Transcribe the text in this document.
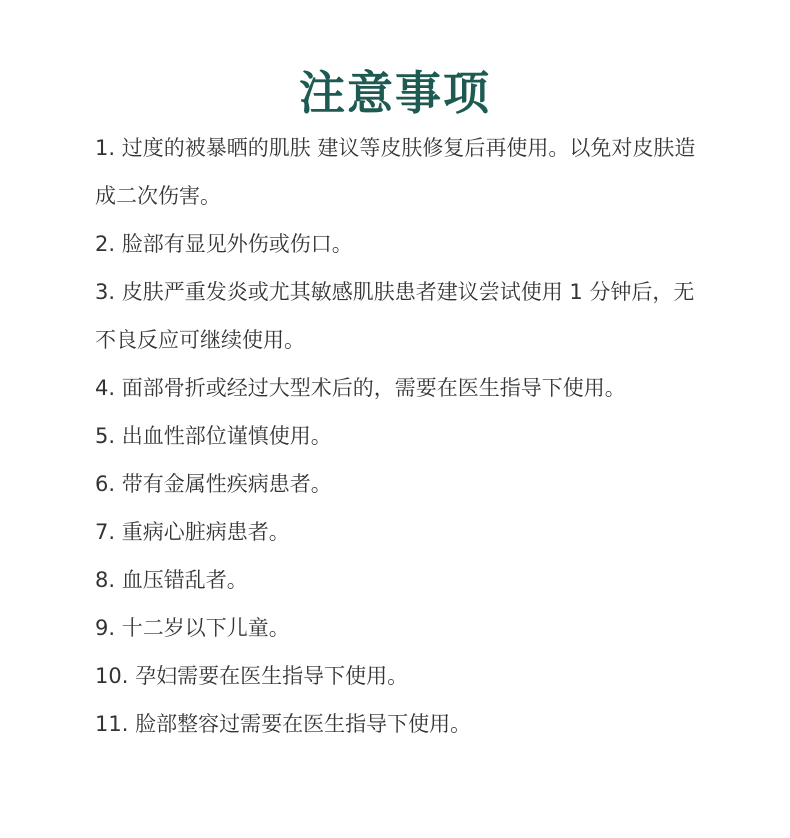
注意事项
1. 过度的被暴晒的肌肤 建议等皮肤修复后再使用。以免对皮肤造成二次伤害。
2. 脸部有显见外伤或伤口。
3. 皮肤严重发炎或尤其敏感肌肤患者建议尝试使用 1 分钟后，无不良反应可继续使用。
4. 面部骨折或经过大型术后的，需要在医生指导下使用。
5. 出血性部位谨慎使用。
6. 带有金属性疾病患者。
7. 重病心脏病患者。
8. 血压错乱者。
9. 十二岁以下儿童。
10. 孕妇需要在医生指导下使用。
11. 脸部整容过需要在医生指导下使用。
